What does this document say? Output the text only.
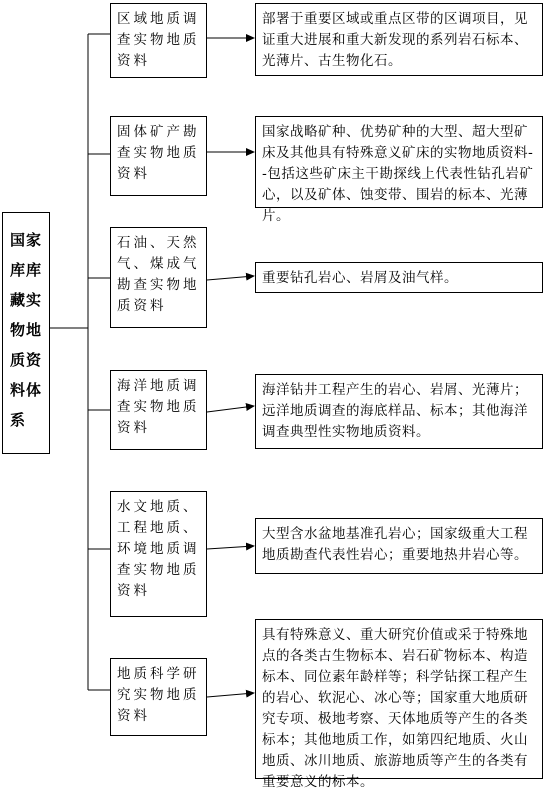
国家库库藏实物地质资料体系
区域地质调查实物地质资料
部署于重要区域或重点区带的区调项目，见证重大进展和重大新发现的系列岩石标本、光薄片、古生物化石。
固体矿产勘查实物地质资料
国家战略矿种、优势矿种的大型、超大型矿床及其他具有特殊意义矿床的实物地质资料--包括这些矿床主干勘探线上代表性钻孔岩矿心，以及矿体、蚀变带、围岩的标本、光薄片。
石油、天然气、煤成气勘查实物地质资料
重要钻孔岩心、岩屑及油气样。
海洋地质调查实物地质资料
海洋钻井工程产生的岩心、岩屑、光薄片；远洋地质调查的海底样品、标本；其他海洋调查典型性实物地质资料。
水文地质、工程地质、环境地质调查实物地质资料
大型含水盆地基准孔岩心；国家级重大工程地质勘查代表性岩心；重要地热井岩心等。
地质科学研究实物地质资料
具有特殊意义、重大研究价值或采于特殊地点的各类古生物标本、岩石矿物标本、构造标本、同位素年龄样等；科学钻探工程产生的岩心、软泥心、冰心等；国家重大地质研究专项、极地考察、天体地质等产生的各类标本；其他地质工作，如第四纪地质、火山地质、冰川地质、旅游地质等产生的各类有重要意义的标本。
